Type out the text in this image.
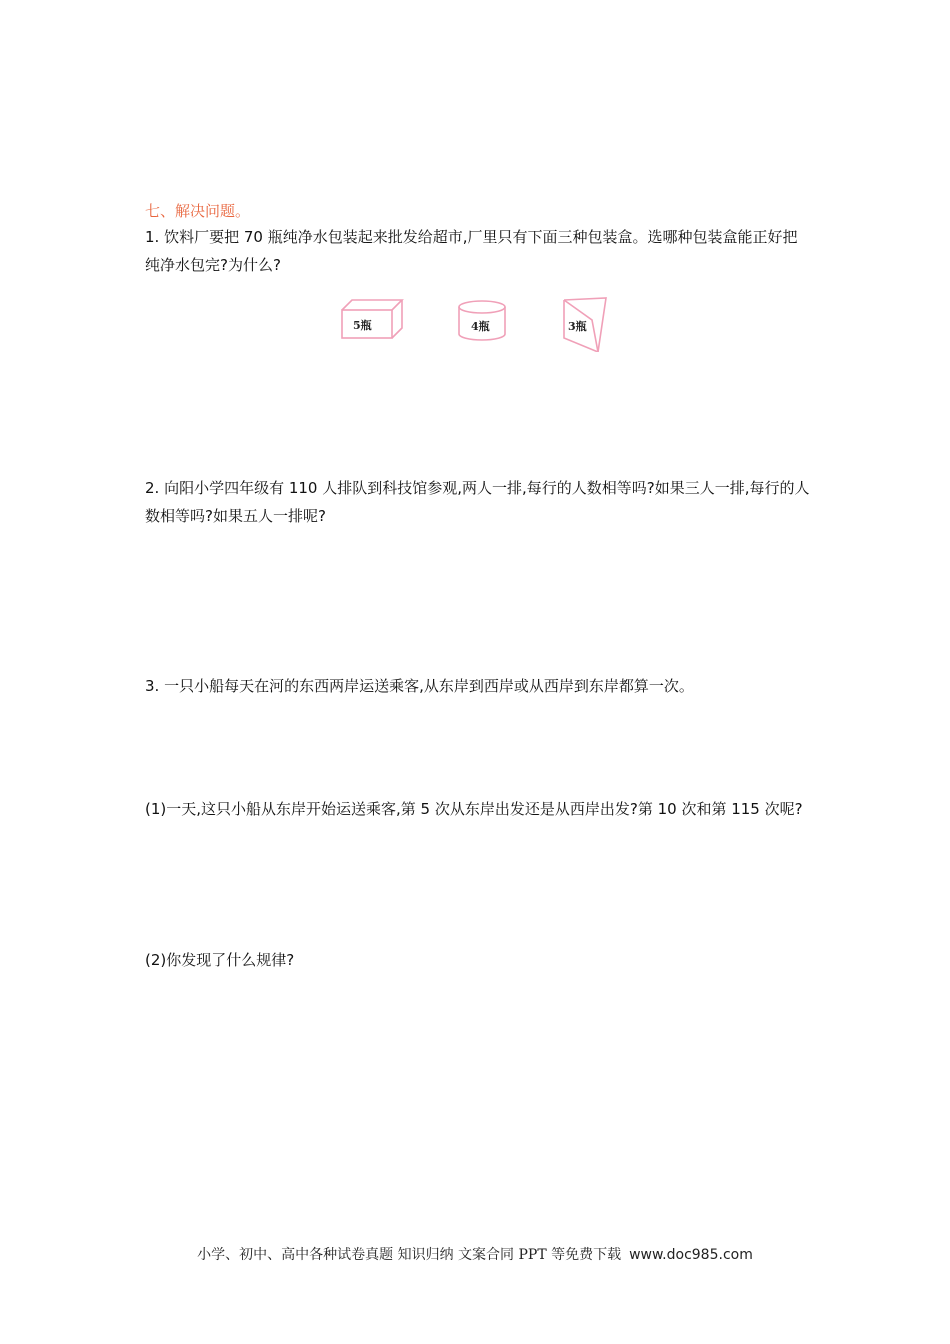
七、解决问题。

1. 饮料厂要把 70 瓶纯净水包装起来批发给超市,厂里只有下面三种包装盒。选哪种包装盒能正好把纯净水包完?为什么?

5瓶	4瓶	3瓶

2. 向阳小学四年级有 110 人排队到科技馆参观,两人一排,每行的人数相等吗?如果三人一排,每行的人数相等吗?如果五人一排呢?

3. 一只小船每天在河的东西两岸运送乘客,从东岸到西岸或从西岸到东岸都算一次。

(1)一天,这只小船从东岸开始运送乘客,第 5 次从东岸出发还是从西岸出发?第 10 次和第 115 次呢?

(2)你发现了什么规律?

小学、初中、高中各种试卷真题 知识归纳 文案合同 PPT 等免费下载 www.doc985.com
